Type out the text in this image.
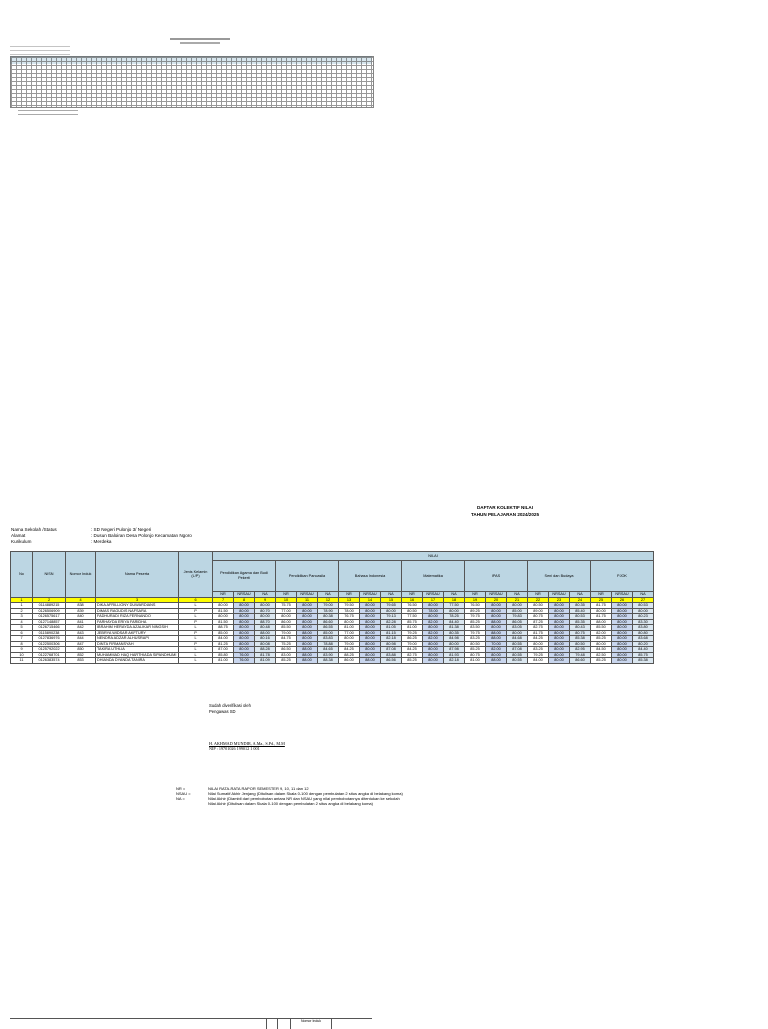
DAFTAR KOLEKTIF NILAI
TAHUN PELAJARAN 2024/2025
Nama Sekolah /Status	: SD Negeri Pulonjo 3/ Negeri
Alamat	: Dusun Baloiran Desa Polonjo Kecamatan Ngoro
Kurikulum	: Merdeka
No	NISN	Nomor Induk	Nama Peserta	Jenis Kelamin (L/P)	NILAI																				
					Pendidikan Agama dan Budi Pekerti			Pendidikan Pancasila			Bahasa Indonesia			Matematika			IPAS			Seni dan Budaya			PJOK		
					NR	NRSAU	NA	NR	NRSAU	NA	NR	NRSAU	NA	NR	NRSAU	NA	NR	NRSAU	NA	NR	NRSAU	NA	NR	NRSAU	NA
1	2	4	3	6	7	8	9	10	11	12	13	14	15	16	17	18	19	20	21	22	23	24	25	26	27
1	0114889215	838	DIKA AFRILLIONY DUWARDIANS	L	80.00	80.00	80.00	75.75	80.00	79.00	79.50	80.00	79.65	76.50	80.00	77.50	76.50	80.00	80.00	80.50	80.00	80.35	81.75	80.00	80.53
2	0126506909	839	DIMAS RAGUDIS NAFSARA	P	81.50	80.00	80.70	77.00	80.00	78.90	78.00	80.00	80.00	80.50	78.00	80.00	89.25	80.00	85.00	89.00	80.00	85.40	80.00	80.00	80.00
3	0126575617	840	FADHURADI RIZA FERNANDO	L	80.00	80.00	80.00	80.00	80.00	80.38	76.75	80.00	79.13	77.50	80.00	78.25	79.75	80.00	79.83	80.75	80.00	80.53	81.75	80.00	80.23
4	0127148857	841	FARHAYDA ERIYA FARIDHA	P	81.50	80.00	88.70	86.00	80.00	86.60	80.00	80.00	82.28	85.75	82.00	84.40	85.25	88.00	86.05	87.25	80.00	85.35	88.00	80.00	83.30
5	0126715466	842	IBRAHIM HERAYDA AZALIKAR NINGSIH	L	88.75	80.00	80.48	85.50	80.00	86.55	81.00	80.00	81.05	81.00	80.00	81.38	83.50	80.00	83.05	82.75	80.00	80.43	85.50	80.00	83.80
6	0115890238	843	JEBRYA WIDSAR AKFTURY	P	85.00	80.00	88.00	79.00	88.00	85.00	77.00	80.00	81.15	79.25	82.00	80.35	79.75	88.00	80.00	81.75	80.00	80.75	82.00	80.00	80.80
7	0127836976	844	NENDRA ADZAR ALHUSRAPI	L	84.00	80.00	80.16	84.75	80.00	83.83	80.00	80.00	82.18	86.25	82.00	84.98	83.25	88.00	84.68	84.25	80.00	85.38	85.25	80.00	83.68
8	0122500306	847	DINTA FIRMANSYAH	P	81.25	80.00	80.08	75.25	80.00	78.88	79.00	80.00	80.98	79.00	80.00	80.00	80.50	70.00	80.55	80.00	80.00	80.50	80.00	80.00	80.20
9	0125792022	850	TAKIRA UTHLIA	L	87.00	80.00	88.28	86.50	88.00	84.65	84.25	80.00	87.08	84.25	80.00	87.98	85.25	82.00	87.08	83.25	80.00	82.95	84.50	80.00	84.40
10	0122768701	852	MUHAMMAD HAQ HARTHIADA SIPANDHUMI	L	85.80	76.00	81.78	83.00	88.00	83.90	88.25	80.00	83.88	82.75	80.00	81.93	80.75	80.00	80.55	79.25	80.00	79.48	82.50	80.00	85.75
11	0126383574	853	DHIANDA DYANDA TANIRA	L	81.00	76.00	81.09	85.25	88.00	88.38	86.00	88.00	86.56	85.25	80.00	82.18	81.00	88.00	80.55	84.00	80.00	86.60	85.25	80.00	85.38
Sudah diverifikasi oleh
Pengawas SD
H. AKHMAD MUNDIR, A.Ma., S.Pd., M.M
NIP : 19701026 199012 1 001
NR =	NILAI RATA-RATA RAPOR SEMESTER 9, 10, 11 dan 12
NSAU =	Nilai Sumatif Akhir Jenjang (Ditulisan dalam Skala 0-100 dengan pembulatan 2 situs angka di belakang koma)
NA =	Nilai Akhir (Diambil dari pembobotan antara NR dan NSAU yang nilai pembobotannya ditentukan ke sekolah
Nilai Akhir (Ditulisan dalam Skala 0-100 dengan pembulatan 2 situs angka di belakang koma)
Nomor Induk
